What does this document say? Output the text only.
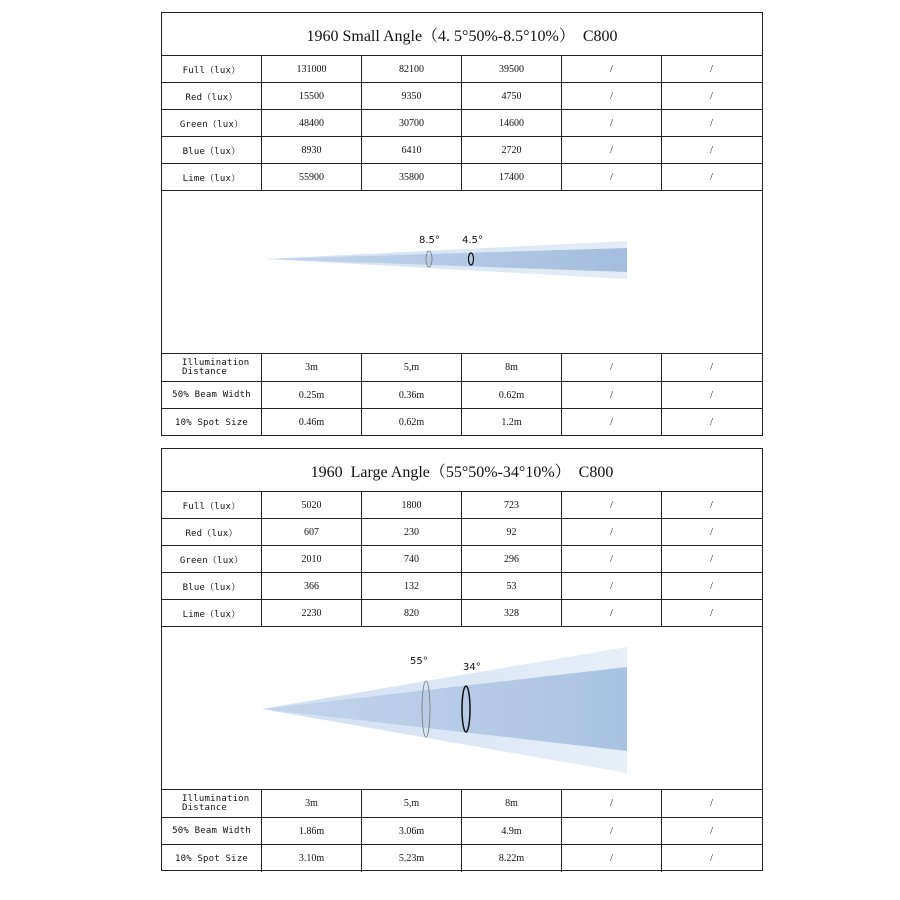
1960 Small Angle（4. 5°50%-8.5°10%）  C800
Full（lux）	131000	82100	39500	/	/
Red（lux）	15500	9350	4750	/	/
Green（lux）	48400	30700	14600	/	/
Blue（lux）	8930	6410	2720	/	/
Lime（lux）	55900	35800	17400	/	/
8.5° 4.5°
Illumination Distance	3m	5,m	8m	/	/
50% Beam Width	0.25m	0.36m	0.62m	/	/
10% Spot Size	0.46m	0.62m	1.2m	/	/
1960  Large Angle（55°50%-34°10%）  C800
Full（lux）	5020	1800	723	/	/
Red（lux）	607	230	92	/	/
Green（lux）	2010	740	296	/	/
Blue（lux）	366	132	53	/	/
Lime（lux）	2230	820	328	/	/
55°
34°
Illumination Distance	3m	5,m	8m	/	/
50% Beam Width	1.86m	3.06m	4.9m	/	/
10% Spot Size	3.10m	5.23m	8.22m	/	/
